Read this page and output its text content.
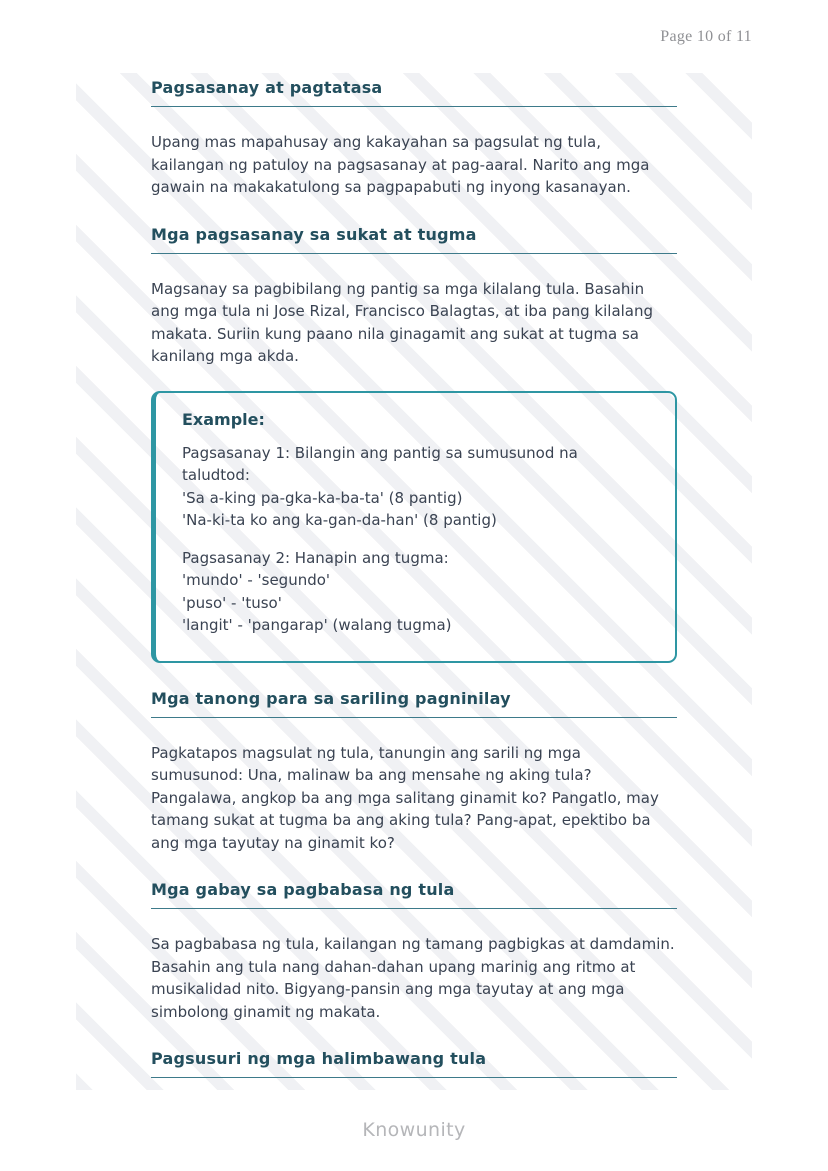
Page 10 of 11
Pagsasanay at pagtatasa
Upang mas mapahusay ang kakayahan sa pagsulat ng tula, kailangan ng patuloy na pagsasanay at pag-aaral. Narito ang mga gawain na makakatulong sa pagpapabuti ng inyong kasanayan.
Mga pagsasanay sa sukat at tugma
Magsanay sa pagbibilang ng pantig sa mga kilalang tula. Basahin ang mga tula ni Jose Rizal, Francisco Balagtas, at iba pang kilalang makata. Suriin kung paano nila ginagamit ang sukat at tugma sa kanilang mga akda.
Example:
Pagsasanay 1: Bilangin ang pantig sa sumusunod na taludtod:
'Sa a-king pa-gka-ka-ba-ta' (8 pantig)
'Na-ki-ta ko ang ka-gan-da-han' (8 pantig)
Pagsasanay 2: Hanapin ang tugma:
'mundo' - 'segundo'
'puso' - 'tuso'
'langit' - 'pangarap' (walang tugma)
Mga tanong para sa sariling pagninilay
Pagkatapos magsulat ng tula, tanungin ang sarili ng mga sumusunod: Una, malinaw ba ang mensahe ng aking tula? Pangalawa, angkop ba ang mga salitang ginamit ko? Pangatlo, may tamang sukat at tugma ba ang aking tula? Pang-apat, epektibo ba ang mga tayutay na ginamit ko?
Mga gabay sa pagbabasa ng tula
Sa pagbabasa ng tula, kailangan ng tamang pagbigkas at damdamin. Basahin ang tula nang dahan-dahan upang marinig ang ritmo at musikalidad nito. Bigyang-pansin ang mga tayutay at ang mga simbolong ginamit ng makata.
Pagsusuri ng mga halimbawang tula
Knowunity
